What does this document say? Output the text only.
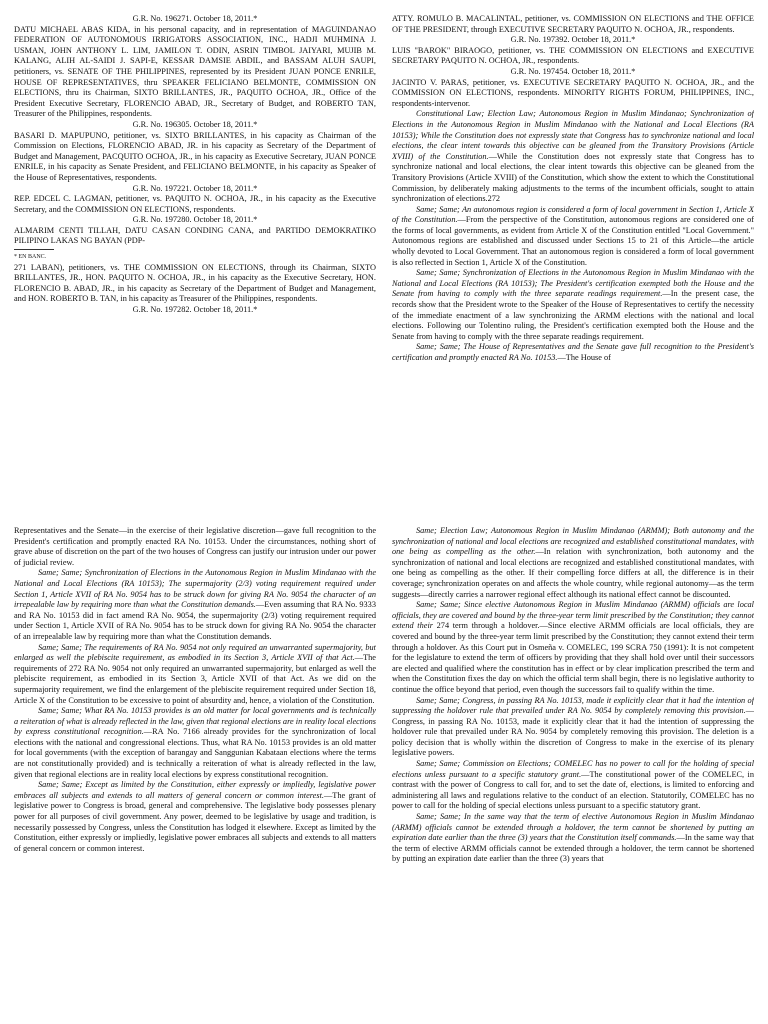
G.R. No. 196271. October 18, 2011.*

DATU MICHAEL ABAS KIDA, in his personal capacity, and in representation of MAGUINDANAO FEDERATION OF AUTONOMOUS IRRIGATORS ASSOCIATION, INC., HADJI MUHMINA J. USMAN, JOHN ANTHONY L. LIM, JAMILON T. ODIN, ASRIN TIMBOL JAIYARI, MUJIB M. KALANG, ALIH AL-SAIDI J. SAPI-E, KESSAR DAMSIE ABDIL, and BASSAM ALUH SAUPI, petitioners, vs. SENATE OF THE PHILIPPINES, represented by its President JUAN PONCE ENRILE, HOUSE OF REPRESENTATIVES, thru SPEAKER FELICIANO BELMONTE, COMMISSION ON ELECTIONS, thru its Chairman, SIXTO BRILLANTES, JR., PAQUITO OCHOA, JR., Office of the President Executive Secretary, FLORENCIO ABAD, JR., Secretary of Budget, and ROBERTO TAN, Treasurer of the Philippines, respondents.

G.R. No. 196305. October 18, 2011.*

BASARI D. MAPUPUNO, petitioner, vs. SIXTO BRILLANTES, in his capacity as Chairman of the Commission on Elections, FLORENCIO ABAD, JR. in his capacity as Secretary of the Department of Budget and Management, PACQUITO OCHOA, JR., in his capacity as Executive Secretary, JUAN PONCE ENRILE, in his capacity as Senate President, and FELICIANO BELMONTE, in his capacity as Speaker of the House of Representatives, respondents.

G.R. No. 197221. October 18, 2011.*

REP. EDCEL C. LAGMAN, petitioner, vs. PAQUITO N. OCHOA, JR., in his capacity as the Executive Secretary, and the COMMISSION ON ELECTIONS, respondents.

G.R. No. 197280. October 18, 2011.*

ALMARIM CENTI TILLAH, DATU CASAN CONDING CANA, and PARTIDO DEMOKRATIKO PILIPINO LAKAS NG BAYAN (PDP-

* EN BANC.

271 LABAN), petitioners, vs. THE COMMISSION ON ELECTIONS, through its Chairman, SIXTO BRILLANTES, JR., HON. PAQUITO N. OCHOA, JR., in his capacity as the Executive Secretary, HON. FLORENCIO B. ABAD, JR., in his capacity as Secretary of the Department of Budget and Management, and HON. ROBERTO B. TAN, in his capacity as Treasurer of the Philippines, respondents.

G.R. No. 197282. October 18, 2011.*

ATTY. ROMULO B. MACALINTAL, petitioner, vs. COMMISSION ON ELECTIONS and THE OFFICE OF THE PRESIDENT, through EXECUTIVE SECRETARY PAQUITO N. OCHOA, JR., respondents.

G.R. No. 197392. October 18, 2011.*

LUIS "BAROK" BIRAOGO, petitioner, vs. THE COMMISSION ON ELECTIONS and EXECUTIVE SECRETARY PAQUITO N. OCHOA, JR., respondents.

G.R. No. 197454. October 18, 2011.*

JACINTO V. PARAS, petitioner, vs. EXECUTIVE SECRETARY PAQUITO N. OCHOA, JR., and the COMMISSION ON ELECTIONS, respondents. MINORITY RIGHTS FORUM, PHILIPPINES, INC., respondents-intervenor.

Constitutional Law; Election Law; Autonomous Region in Muslim Mindanao; Synchronization of Elections in the Autonomous Region in Muslim Mindanao with the National and Local Elections (RA 10153); While the Constitution does not expressly state that Congress has to synchronize national and local elections, the clear intent towards this objective can be gleaned from the Transitory Provisions (Article XVIII) of the Constitution.—While the Constitution does not expressly state that Congress has to synchronize national and local elections, the clear intent towards this objective can be gleaned from the Transitory Provisions (Article XVIII) of the Constitution, which show the extent to which the Constitutional Commission, by deliberately making adjustments to the terms of the incumbent officials, sought to attain synchronization of elections.272

Same; Same; An autonomous region is considered a form of local government in Section 1, Article X of the Constitution.—From the perspective of the Constitution, autonomous regions are considered one of the forms of local governments, as evident from Article X of the Constitution entitled "Local Government." Autonomous regions are established and discussed under Sections 15 to 21 of this Article—the article wholly devoted to Local Government. That an autonomous region is considered a form of local government is also reflected in Section 1, Article X of the Constitution.

Same; Same; Synchronization of Elections in the Autonomous Region in Muslim Mindanao with the National and Local Elections (RA 10153); The President's certification exempted both the House and the Senate from having to comply with the three separate readings requirement.—In the present case, the records show that the President wrote to the Speaker of the House of Representatives to certify the necessity of the immediate enactment of a law synchronizing the ARMM elections with the national and local elections. Following our Tolentino ruling, the President's certification exempted both the House and the Senate from having to comply with the three separate readings requirement.

Same; Same; The House of Representatives and the Senate gave full recognition to the President's certification and promptly enacted RA No. 10153.—The House of

Representatives and the Senate—in the exercise of their legislative discretion—gave full recognition to the President's certification and promptly enacted RA No. 10153. Under the circumstances, nothing short of grave abuse of discretion on the part of the two houses of Congress can justify our intrusion under our power of judicial review.

Same; Same; Synchronization of Elections in the Autonomous Region in Muslim Mindanao with the National and Local Elections (RA 10153); The supermajority (2/3) voting requirement required under Section 1, Article XVII of RA No. 9054 has to be struck down for giving RA No. 9054 the character of an irrepealable law by requiring more than what the Constitution demands.—Even assuming that RA No. 9333 and RA No. 10153 did in fact amend RA No. 9054, the supermajority (2/3) voting requirement required under Section 1, Article XVII of RA No. 9054 has to be struck down for giving RA No. 9054 the character of an irrepealable law by requiring more than what the Constitution demands.

Same; Same; The requirements of RA No. 9054 not only required an unwarranted supermajority, but enlarged as well the plebiscite requirement, as embodied in its Section 3, Article XVII of that Act.—The requirements of 272 RA No. 9054 not only required an unwarranted supermajority, but enlarged as well the plebiscite requirement, as embodied in its Section 3, Article XVII of that Act. As we did on the supermajority requirement, we find the enlargement of the plebiscite requirement required under Section 18, Article X of the Constitution to be excessive to point of absurdity and, hence, a violation of the Constitution.

Same; Same; What RA No. 10153 provides is an old matter for local governments and is technically a reiteration of what is already reflected in the law, given that regional elections are in reality local elections by express constitutional recognition.—RA No. 7166 already provides for the synchronization of local elections with the national and congressional elections. Thus, what RA No. 10153 provides is an old matter for local governments (with the exception of barangay and Sanggunian Kabataan elections where the terms are not constitutionally provided) and is technically a reiteration of what is already reflected in the law, given that regional elections are in reality local elections by express constitutional recognition.

Same; Same; Except as limited by the Constitution, either expressly or impliedly, legislative power embraces all subjects and extends to all matters of general concern or common interest.—The grant of legislative power to Congress is broad, general and comprehensive. The legislative body possesses plenary power for all purposes of civil government. Any power, deemed to be legislative by usage and tradition, is necessarily possessed by Congress, unless the Constitution has lodged it elsewhere. Except as limited by the Constitution, either expressly or impliedly, legislative power embraces all subjects and extends to all matters of general concern or common interest.

Same; Election Law; Autonomous Region in Muslim Mindanao (ARMM); Both autonomy and the synchronization of national and local elections are recognized and established constitutional mandates, with one being as compelling as the other.—In relation with synchronization, both autonomy and the synchronization of national and local elections are recognized and established constitutional mandates, with one being as compelling as the other. If their compelling force differs at all, the difference is in their coverage; synchronization operates on and affects the whole country, while regional autonomy—as the term suggests—directly carries a narrower regional effect although its national effect cannot be discounted.

Same; Same; Since elective Autonomous Region in Muslim Mindanao (ARMM) officials are local officials, they are covered and bound by the three-year term limit prescribed by the Constitution; they cannot extend their 274 term through a holdover.—Since elective ARMM officials are local officials, they are covered and bound by the three-year term limit prescribed by the Constitution; they cannot extend their term through a holdover. As this Court put in Osmeña v. COMELEC, 199 SCRA 750 (1991): It is not competent for the legislature to extend the term of officers by providing that they shall hold over until their successors are elected and qualified where the constitution has in effect or by clear implication prescribed the term and when the Constitution fixes the day on which the official term shall begin, there is no legislative authority to continue the office beyond that period, even though the successors fail to qualify within the time.

Same; Same; Congress, in passing RA No. 10153, made it explicitly clear that it had the intention of suppressing the holdover rule that prevailed under RA No. 9054 by completely removing this provision.—Congress, in passing RA No. 10153, made it explicitly clear that it had the intention of suppressing the holdover rule that prevailed under RA No. 9054 by completely removing this provision. The deletion is a policy decision that is wholly within the discretion of Congress to make in the exercise of its plenary legislative powers.

Same; Same; Commission on Elections; COMELEC has no power to call for the holding of special elections unless pursuant to a specific statutory grant.—The constitutional power of the COMELEC, in contrast with the power of Congress to call for, and to set the date of, elections, is limited to enforcing and administering all laws and regulations relative to the conduct of an election. Statutorily, COMELEC has no power to call for the holding of special elections unless pursuant to a specific statutory grant.

Same; Same; In the same way that the term of elective Autonomous Region in Muslim Mindanao (ARMM) officials cannot be extended through a holdover, the term cannot be shortened by putting an expiration date earlier than the three (3) years that the Constitution itself commands.—In the same way that the term of elective ARMM officials cannot be extended through a holdover, the term cannot be shortened by putting an expiration date earlier than the three (3) years that
